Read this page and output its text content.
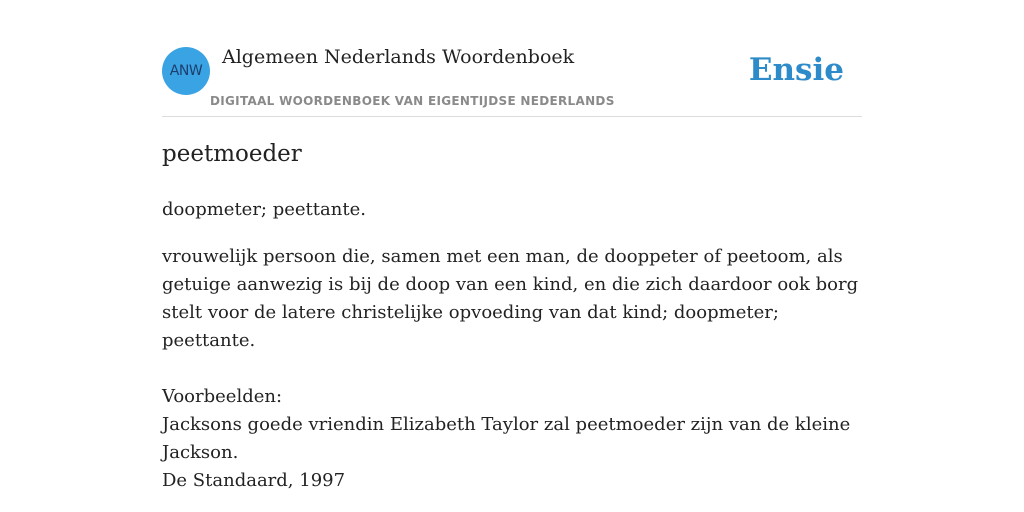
ANW
Algemeen Nederlands Woordenboek
DIGITAAL WOORDENBOEK VAN EIGENTIJDSE NEDERLANDS
Ensie
peetmoeder

doopmeter; peettante.

vrouwelijk persoon die, samen met een man, de dooppeter of peetoom, als getuige aanwezig is bij de doop van een kind, en die zich daardoor ook borg stelt voor de latere christelijke opvoeding van dat kind; doopmeter; peettante.

Voorbeelden:
Jacksons goede vriendin Elizabeth Taylor zal peetmoeder zijn van de kleine Jackson.
De Standaard, 1997
